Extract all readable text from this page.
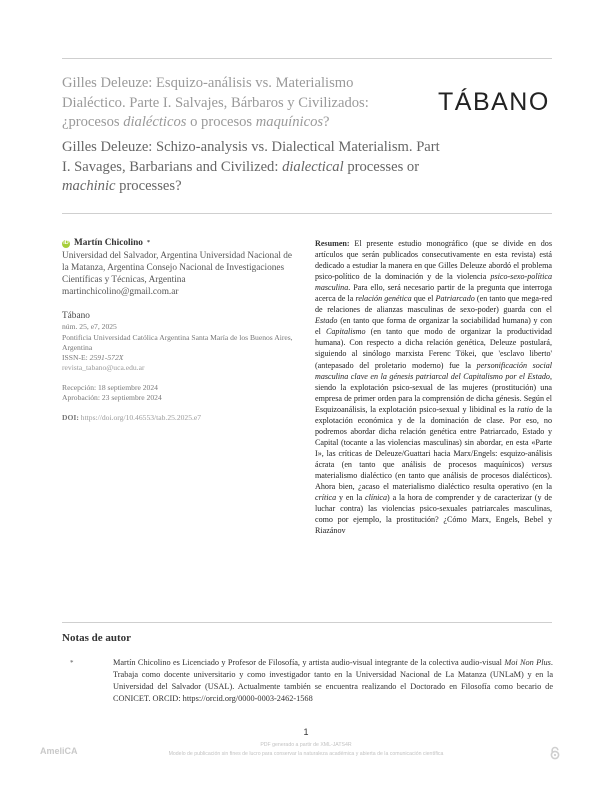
Gilles Deleuze: Esquizo-análisis vs. Materialismo Dialéctico. Parte I. Salvajes, Bárbaros y Civilizados: ¿procesos dialécticos o procesos maquínicos?
TÁBANO
Gilles Deleuze: Schizo-analysis vs. Dialectical Materialism. Part I. Savages, Barbarians and Civilized: dialectical processes or machinic processes?
iD Martín Chicolino *
Universidad del Salvador, Argentina Universidad Nacional de la Matanza, Argentina Consejo Nacional de Investigaciones Científicas y Técnicas, Argentina
martinchicolino@gmail.com.ar
Tábano
núm. 25, e7, 2025
Pontificia Universidad Católica Argentina Santa María de los Buenos Aires, Argentina
ISSN-E: 2591-572X
revista_tabano@uca.edu.ar
Recepción: 18 septiembre 2024
Aprobación: 23 septiembre 2024
DOI: https://doi.org/10.46553/tab.25.2025.e7
Resumen: El presente estudio monográfico (que se divide en dos artículos que serán publicados consecutivamente en esta revista) está dedicado a estudiar la manera en que Gilles Deleuze abordó el problema psico-político de la dominación y de la violencia psico-sexo-política masculina. Para ello, será necesario partir de la pregunta que interroga acerca de la relación genética que el Patriarcado (en tanto que mega-red de relaciones de alianzas masculinas de sexo-poder) guarda con el Estado (en tanto que forma de organizar la sociabilidad humana) y con el Capitalismo (en tanto que modo de organizar la productividad humana). Con respecto a dicha relación genética, Deleuze postulará, siguiendo al sinólogo marxista Ferenc Tökei, que 'esclavo liberto' (antepasado del proletario moderno) fue la personificación social masculina clave en la génesis patriarcal del Capitalismo por el Estado, siendo la explotación psico-sexual de las mujeres (prostitución) una empresa de primer orden para la comprensión de dicha génesis. Según el Esquizoanálisis, la explotación psico-sexual y libidinal es la ratio de la explotación económica y de la dominación de clase. Por eso, no podremos abordar dicha relación genética entre Patriarcado, Estado y Capital (tocante a las violencias masculinas) sin abordar, en esta «Parte I», las críticas de Deleuze/Guattari hacia Marx/Engels: esquizo-análisis ácrata (en tanto que análisis de procesos maquínicos) versus materialismo dialéctico (en tanto que análisis de procesos dialécticos). Ahora bien, ¿acaso el materialismo dialéctico resulta operativo (en la crítica y en la clínica) a la hora de comprender y de caracterizar (y de luchar contra) las violencias psico-sexuales patriarcales masculinas, como por ejemplo, la prostitución? ¿Cómo Marx, Engels, Bebel y Riazánov
Notas de autor
*	Martín Chicolino es Licenciado y Profesor de Filosofía, y artista audio-visual integrante de la colectiva audio-visual Moi Non Plus. Trabaja como docente universitario y como investigador tanto en la Universidad Nacional de La Matanza (UNLaM) y en la Universidad del Salvador (USAL). Actualmente también se encuentra realizando el Doctorado en Filosofía como becario de CONICET. ORCID: https://orcid.org/0000-0003-2462-1568
1
PDF generado a partir de XML-JATS4R
Modelo de publicación sin fines de lucro para conservar la naturaleza académica y abierta de la comunicación científica
AmeliCA
